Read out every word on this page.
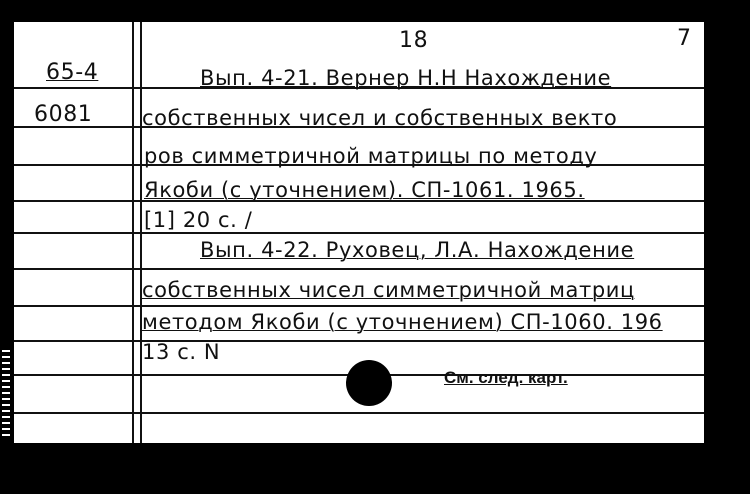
18	7
65-4
6081
Вып. 4-21. Вернер Н.Н Нахождение
собственных чисел и собственных векто
ров симметричной матрицы по методу
Якоби (с уточнением). СП-1061. 1965.
[1] 20 с. /
Вып. 4-22. Руховец, Л.А. Нахождение
собственных чисел симметричной матриц
методом Якоби (с уточнением) СП-1060. 196
13 с. N
См. след. карт.
